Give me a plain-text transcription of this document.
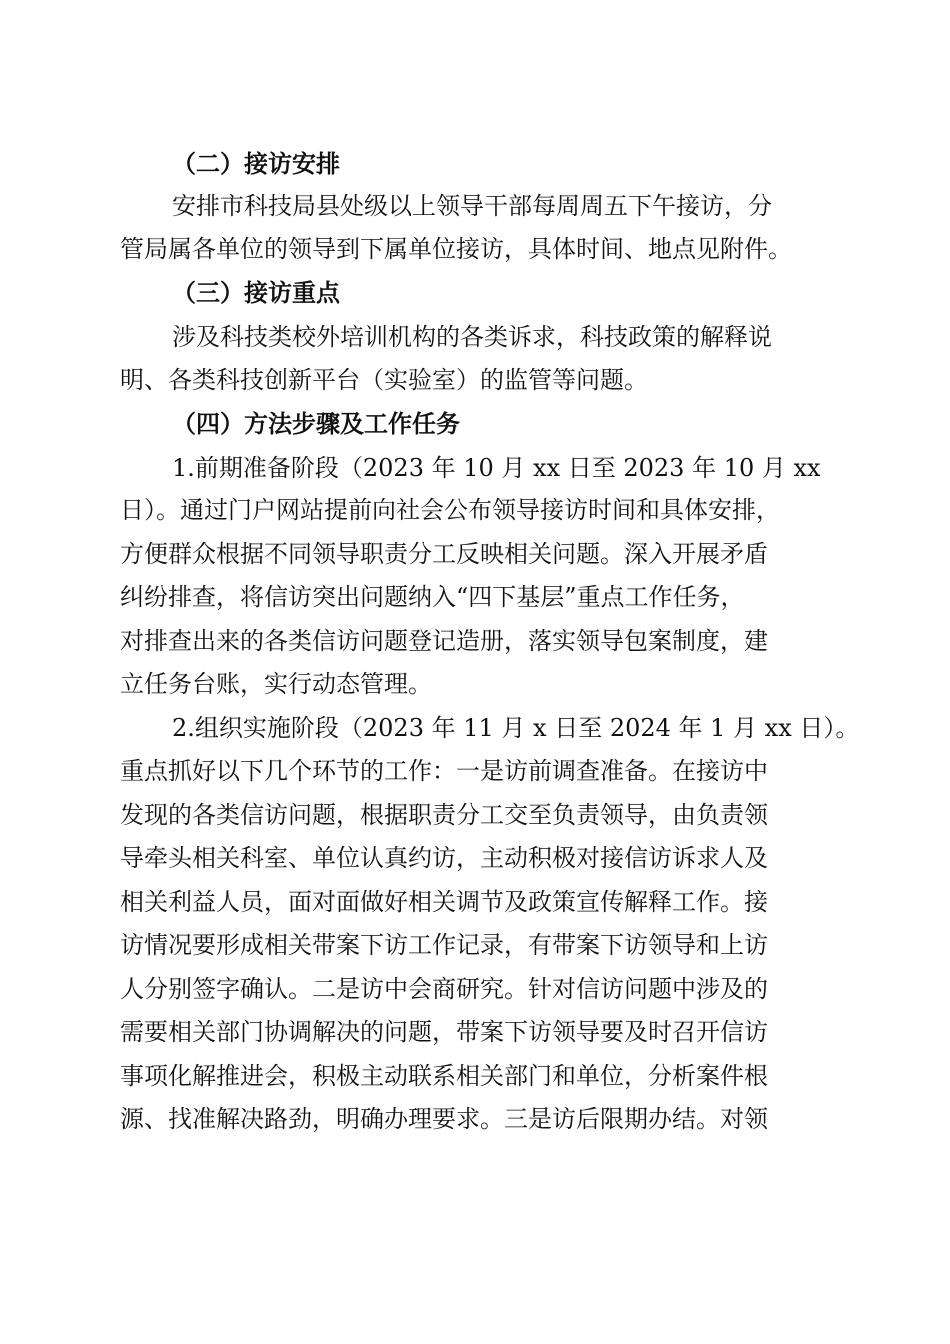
（二）接访安排
安排市科技局县处级以上领导干部每周周五下午接访，分
管局属各单位的领导到下属单位接访，具体时间、地点见附件。
（三）接访重点
涉及科技类校外培训机构的各类诉求，科技政策的解释说
明、各类科技创新平台（实验室）的监管等问题。
（四）方法步骤及工作任务
1.前期准备阶段（2023 年 10 月 xx 日至 2023 年 10 月 xx
日）。通过门户网站提前向社会公布领导接访时间和具体安排，
方便群众根据不同领导职责分工反映相关问题。深入开展矛盾
纠纷排查，将信访突出问题纳入“四下基层”重点工作任务，
对排查出来的各类信访问题登记造册，落实领导包案制度，建
立任务台账，实行动态管理。
2.组织实施阶段（2023 年 11 月 x 日至 2024 年 1 月 xx 日）。
重点抓好以下几个环节的工作：一是访前调查准备。在接访中
发现的各类信访问题，根据职责分工交至负责领导，由负责领
导牵头相关科室、单位认真约访，主动积极对接信访诉求人及
相关利益人员，面对面做好相关调节及政策宣传解释工作。接
访情况要形成相关带案下访工作记录，有带案下访领导和上访
人分别签字确认。二是访中会商研究。针对信访问题中涉及的
需要相关部门协调解决的问题，带案下访领导要及时召开信访
事项化解推进会，积极主动联系相关部门和单位，分析案件根
源、找准解决路劲，明确办理要求。三是访后限期办结。对领
